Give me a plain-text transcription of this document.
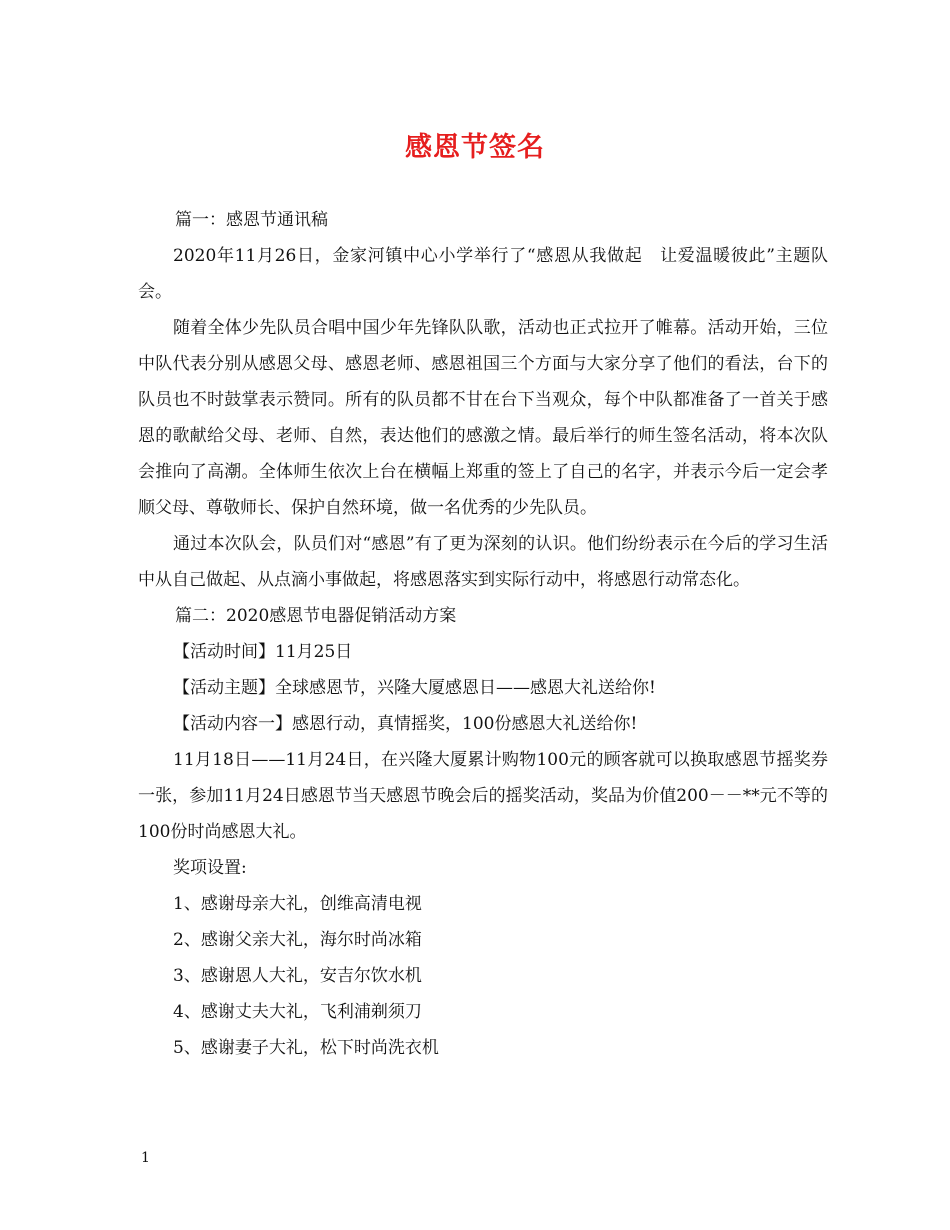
感恩节签名

篇一：感恩节通讯稿

2020年11月26日，金家河镇中心小学举行了“感恩从我做起　让爱温暖彼此”主题队会。

随着全体少先队员合唱中国少年先锋队队歌，活动也正式拉开了帷幕。活动开始，三位中队代表分别从感恩父母、感恩老师、感恩祖国三个方面与大家分享了他们的看法，台下的队员也不时鼓掌表示赞同。所有的队员都不甘在台下当观众，每个中队都准备了一首关于感恩的歌献给父母、老师、自然，表达他们的感激之情。最后举行的师生签名活动，将本次队会推向了高潮。全体师生依次上台在横幅上郑重的签上了自己的名字，并表示今后一定会孝顺父母、尊敬师长、保护自然环境，做一名优秀的少先队员。

通过本次队会，队员们对“感恩”有了更为深刻的认识。他们纷纷表示在今后的学习生活中从自己做起、从点滴小事做起，将感恩落实到实际行动中，将感恩行动常态化。

篇二：2020感恩节电器促销活动方案

【活动时间】11月25日

【活动主题】全球感恩节，兴隆大厦感恩日——感恩大礼送给你!

【活动内容一】感恩行动，真情摇奖，100份感恩大礼送给你!

11月18日——11月24日，在兴隆大厦累计购物100元的顾客就可以换取感恩节摇奖券一张，参加11月24日感恩节当天感恩节晚会后的摇奖活动，奖品为价值200－－**元不等的100份时尚感恩大礼。

奖项设置:

1、感谢母亲大礼，创维高清电视

2、感谢父亲大礼，海尔时尚冰箱

3、感谢恩人大礼，安吉尔饮水机

4、感谢丈夫大礼，飞利浦剃须刀

5、感谢妻子大礼，松下时尚洗衣机

1
